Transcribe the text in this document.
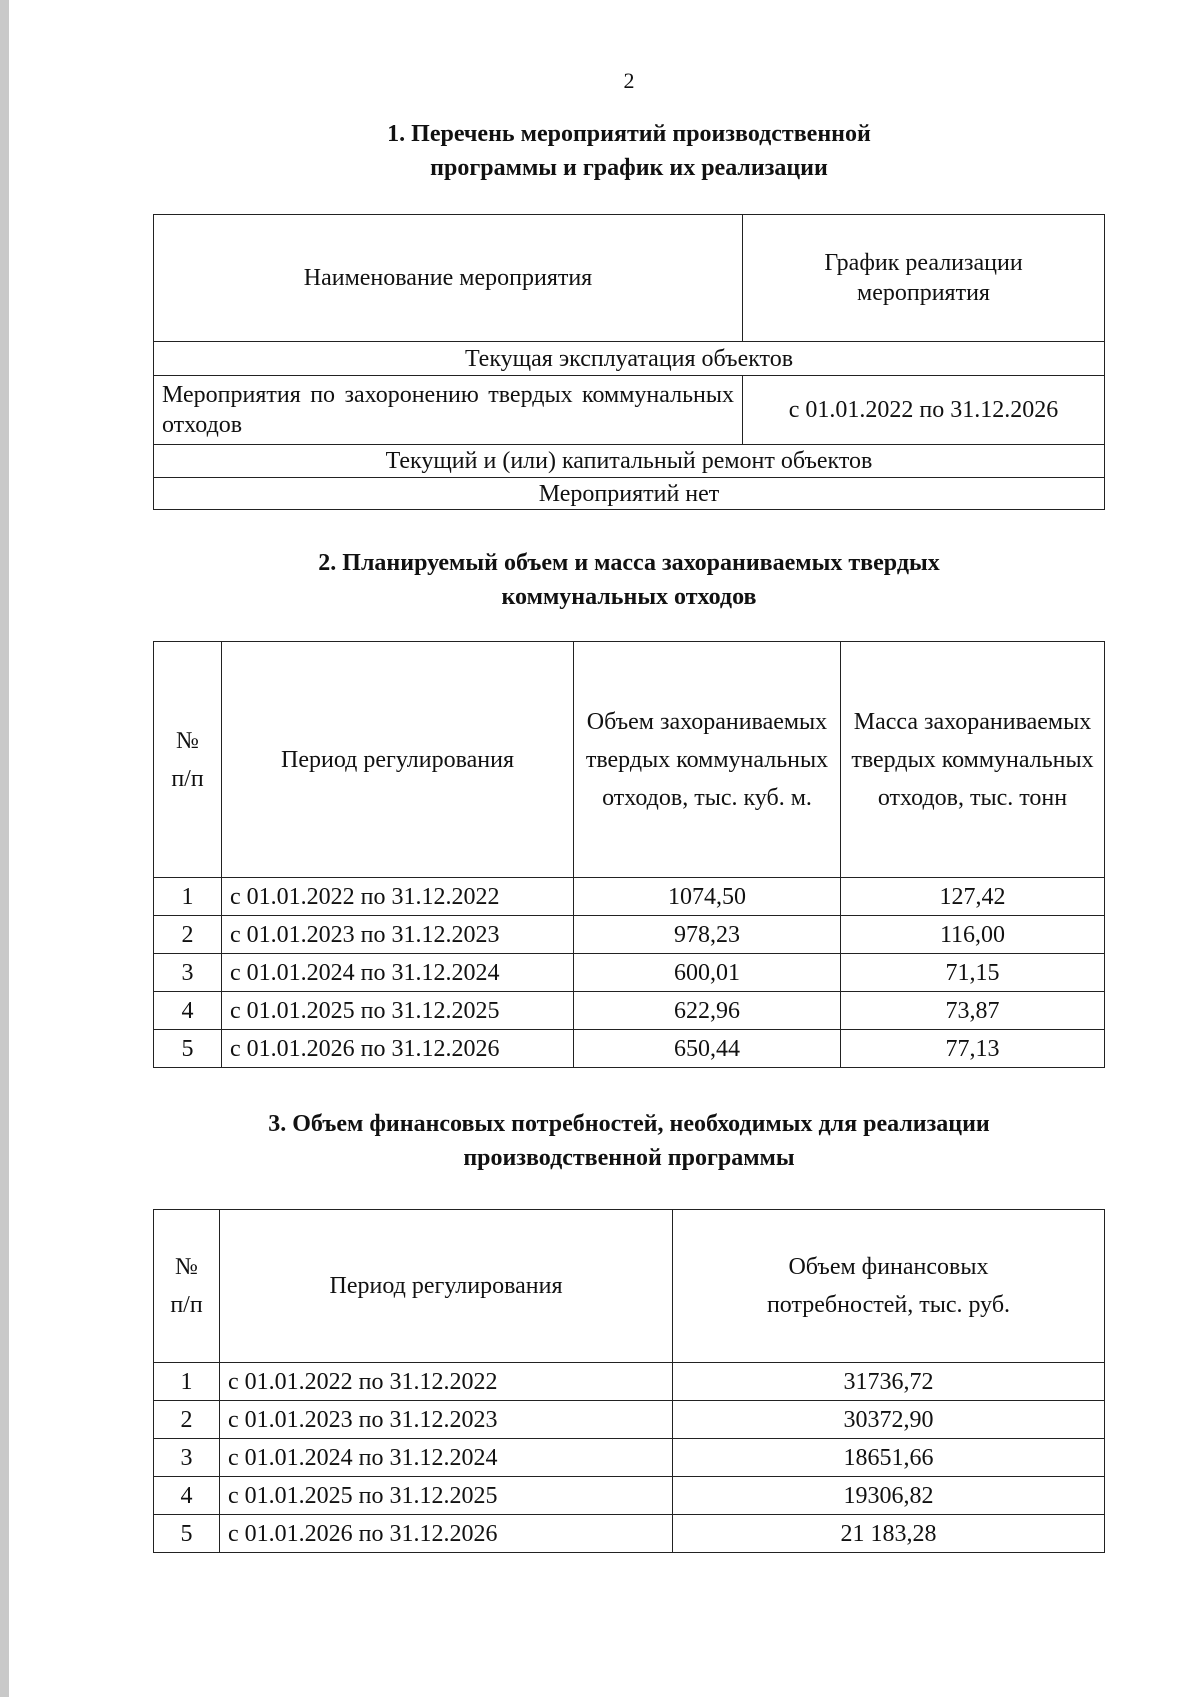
2
1. Перечень мероприятий производственной
программы и график их реализации
Наименование мероприятия	График реализации мероприятия
Текущая эксплуатация объектов	
Мероприятия по захоронению твердых коммунальных отходов	с 01.01.2022 по 31.12.2026
Текущий и (или) капитальный ремонт объектов	
Мероприятий нет	
2. Планируемый объем и масса захораниваемых твердых
коммунальных отходов
№ п/п	Период регулирования	Объем захораниваемых твердых коммунальных отходов, тыс. куб. м.	Масса захораниваемых твердых коммунальных отходов, тыс. тонн
1	с 01.01.2022 по 31.12.2022	1074,50	127,42
2	с 01.01.2023 по 31.12.2023	978,23	116,00
3	с 01.01.2024 по 31.12.2024	600,01	71,15
4	с 01.01.2025 по 31.12.2025	622,96	73,87
5	с 01.01.2026 по 31.12.2026	650,44	77,13
3. Объем финансовых потребностей, необходимых для реализации
производственной программы
№ п/п	Период регулирования	Объем финансовых потребностей, тыс. руб.
1	с 01.01.2022 по 31.12.2022	31736,72
2	с 01.01.2023 по 31.12.2023	30372,90
3	с 01.01.2024 по 31.12.2024	18651,66
4	с 01.01.2025 по 31.12.2025	19306,82
5	с 01.01.2026 по 31.12.2026	21 183,28
